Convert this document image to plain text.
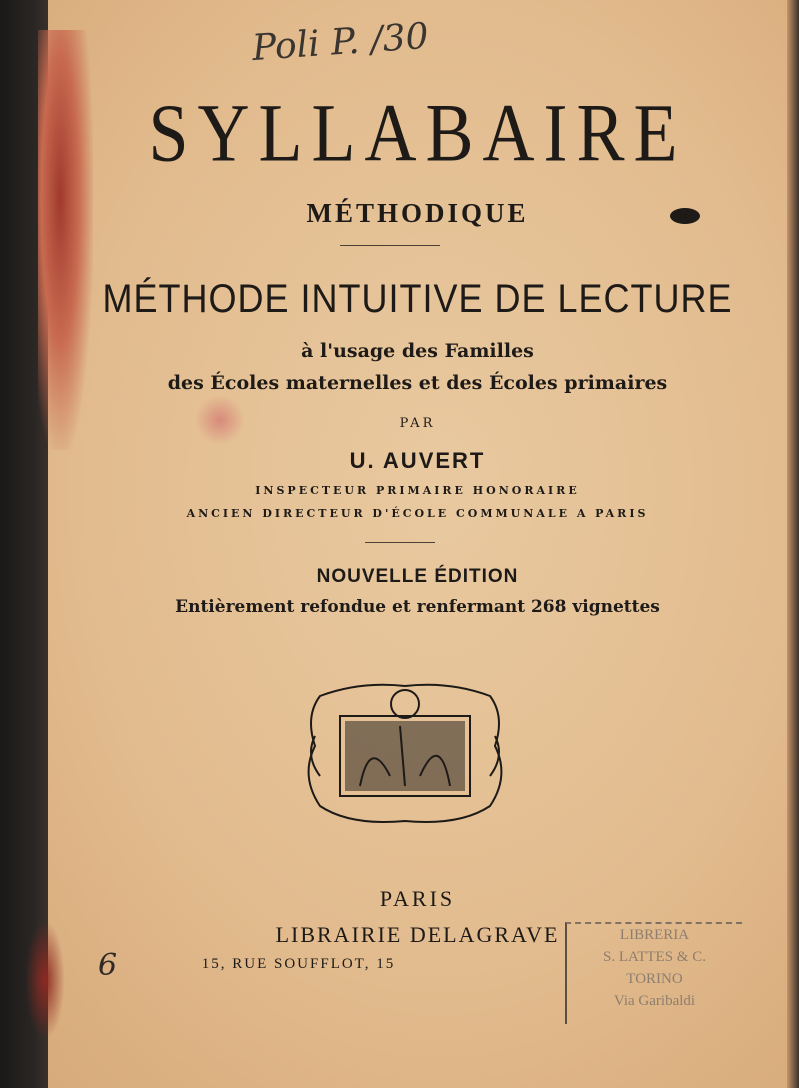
Poli P. /30
SYLLABAIRE
MÉTHODIQUE
MÉTHODE INTUITIVE DE LECTURE
à l'usage des Familles
des Écoles maternelles et des Écoles primaires
PAR
U. AUVERT
INSPECTEUR PRIMAIRE HONORAIRE
ANCIEN DIRECTEUR D'ÉCOLE COMMUNALE A PARIS
NOUVELLE ÉDITION
Entièrement refondue et renfermant 268 vignettes
PARIS
LIBRAIRIE DELAGRAVE
15, RUE SOUFFLOT, 15
LIBRERIA
S. LATTES & C.
TORINO
Via Garibaldi
6
